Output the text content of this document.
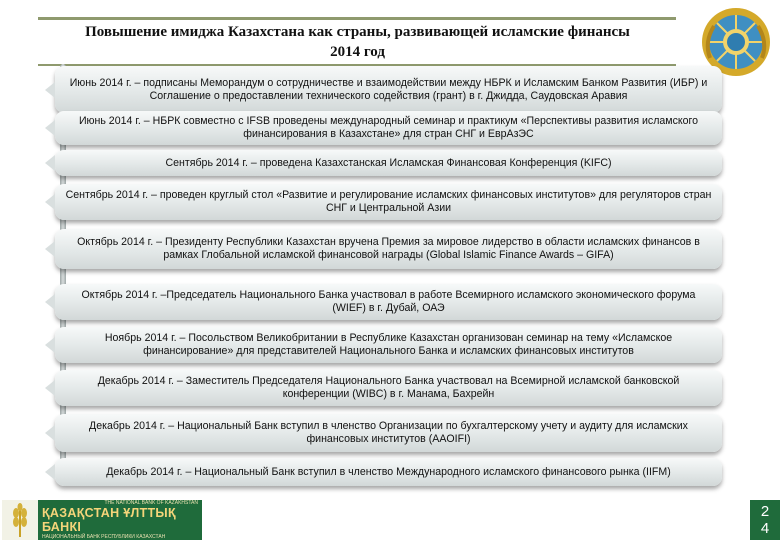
Повышение имиджа Казахстана как страны, развивающей исламские финансы
2014 год
Июнь 2014 г. – подписаны Меморандум о сотрудничестве и взаимодействии между НБРК и Исламским Банком Развития (ИБР) и Соглашение о предоставлении технического содействия (грант) в г. Джидда, Саудовская Аравия
Июнь 2014 г. – НБРК совместно с IFSB проведены международный семинар и практикум «Перспективы развития исламского финансирования в Казахстане» для стран СНГ и ЕврАзЭС
Сентябрь 2014 г. – проведена Казахстанская Исламская Финансовая Конференция (KIFC)
Сентябрь 2014 г. – проведен круглый стол «Развитие и регулирование исламских финансовых институтов» для регуляторов стран СНГ и Центральной Азии
Октябрь 2014 г. – Президенту Республики Казахстан вручена Премия за мировое лидерство в области исламских финансов в рамках Глобальной исламской финансовой награды (Global Islamic Finance Awards – GIFA)
Октябрь 2014 г. –Председатель Национального Банка участвовал в работе Всемирного исламского экономического форума (WIEF) в г. Дубай, ОАЭ
Ноябрь 2014 г. – Посольством Великобритании в Республике Казахстан организован семинар на тему «Исламское финансирование» для представителей Национального Банка и исламских финансовых институтов
Декабрь 2014 г. – Заместитель Председателя Национального Банка участвовал на Всемирной исламской банковской конференции (WIBC) в г. Манама, Бахрейн
Декабрь 2014 г. – Национальный Банк вступил в членство Организации по бухгалтерскому учету и аудиту для исламских финансовых институтов (AAOIFI)
Декабрь 2014 г. – Национальный Банк вступил в членство Международного исламского финансового рынка (IIFM)
THE NATIONAL BANK OF KAZAKHSTAN
ҚАЗАҚСТАН ҰЛТТЫҚ БАНКІ
НАЦИОНАЛЬНЫЙ БАНК РЕСПУБЛИКИ КАЗАХСТАН
2
4
